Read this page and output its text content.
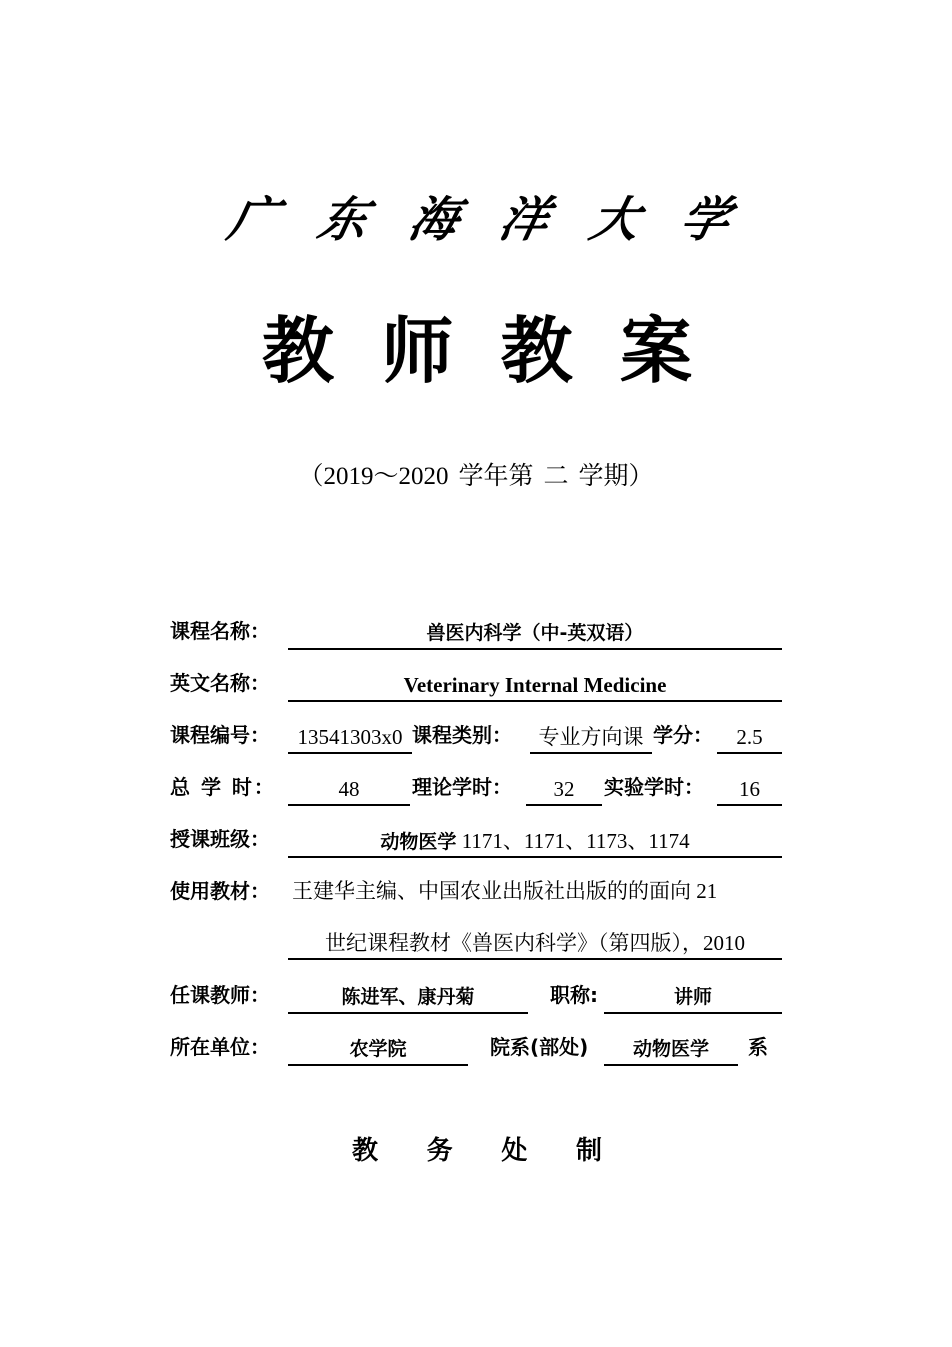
广 东 海 洋 大 学
教 师 教 案
（2019～2020 学年第 二 学期）
课程名称：	兽医内科学（中-英双语）
英文名称：	Veterinary Internal Medicine
课程编号：	13541303x0 课程类别：	专业方向课 学分：	2.5
总 学 时：	48	理论学时：	32	实验学时：	16
授课班级：	动物医学 1171、1171、1173、1174
使用教材： 王建华主编、中国农业出版社出版的的面向 21
世纪课程教材《兽医内科学》（第四版），2010
任课教师：	陈进军、康丹菊	职称:	讲师
所在单位：	农学院	院系(部处)	动物医学	系
教 务 处 制
